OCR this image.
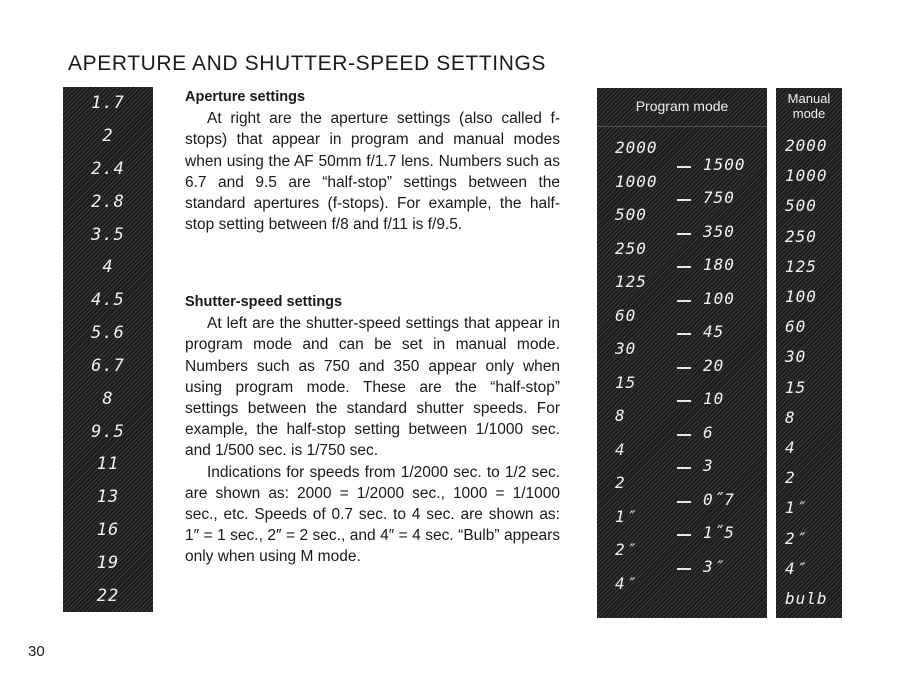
APERTURE AND SHUTTER-SPEED SETTINGS
1.7
2
2.4
2.8
3.5
4
4.5
5.6
6.7
8
9.5
11
13
16
19
22
Aperture settings

At right are the aperture settings (also called f-stops) that appear in program and manual modes when using the AF 50mm f/1.7 lens. Numbers such as 6.7 and 9.5 are “half-stop” settings between the standard apertures (f-stops). For example, the half-stop setting between f/8 and f/11 is f/9.5.

Shutter-speed settings

At left are the shutter-speed settings that appear in program mode and can be set in manual mode. Numbers such as 750 and 350 appear only when using program mode. These are the “half-stop” settings between the standard shutter speeds. For example, the half-stop setting between 1/1000 sec. and 1/500 sec. is 1/750 sec.

Indications for speeds from 1/2000 sec. to 1/2 sec. are shown as: 2000 = 1/2000 sec., 1000 = 1/1000 sec., etc. Speeds of 0.7 sec. to 4 sec. are shown as: 1″ = 1 sec., 2″ = 2 sec., and 4″ = 4 sec. “Bulb” appears only when using M mode.

Program mode
2000
1000
500
250
125
60
30
15
8
4
2
1″
2″
4″
1500
750
350
180
100
45
20
10
6
3
0˝7
1˝5
3″
Manual
mode
2000
1000
500
250
125
100
60
30
15
8
4
2
1″
2″
4″
bulb
30
